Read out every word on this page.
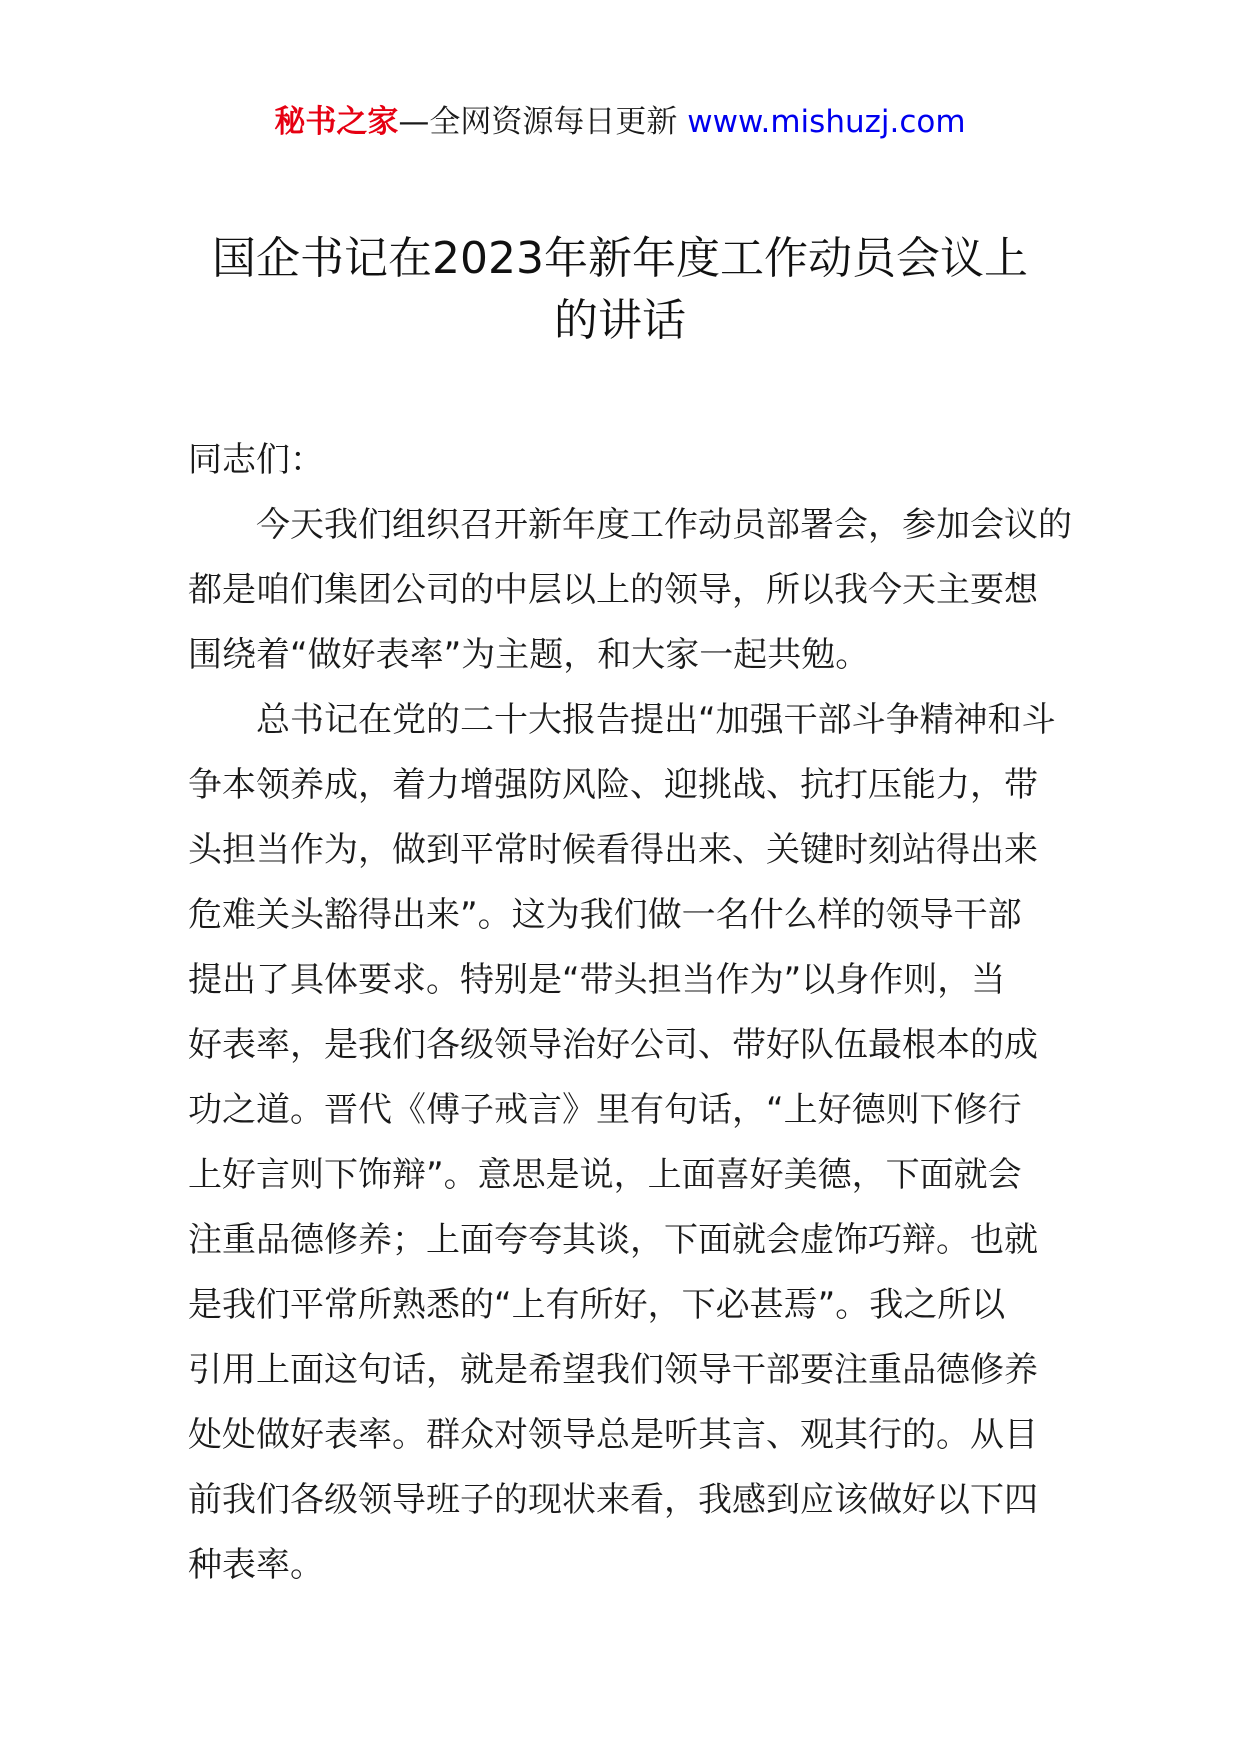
秘书之家—全网资源每日更新 www.mishuzj.com
国企书记在2023年新年度工作动员会议上
的讲话

同志们：

今天我们组织召开新年度工作动员部署会，参加会议的
都是咱们集团公司的中层以上的领导，所以我今天主要想
围绕着“做好表率”为主题，和大家一起共勉。

总书记在党的二十大报告提出“加强干部斗争精神和斗
争本领养成，着力增强防风险、迎挑战、抗打压能力，带
头担当作为，做到平常时候看得出来、关键时刻站得出来
危难关头豁得出来”。这为我们做一名什么样的领导干部
提出了具体要求。特别是“带头担当作为”以身作则，当
好表率，是我们各级领导治好公司、带好队伍最根本的成
功之道。晋代《傅子戒言》里有句话，“上好德则下修行
上好言则下饰辩”。意思是说，上面喜好美德，下面就会
注重品德修养；上面夸夸其谈，下面就会虚饰巧辩。也就
是我们平常所熟悉的“上有所好，下必甚焉”。我之所以
引用上面这句话，就是希望我们领导干部要注重品德修养
处处做好表率。群众对领导总是听其言、观其行的。从目
前我们各级领导班子的现状来看，我感到应该做好以下四
种表率。
